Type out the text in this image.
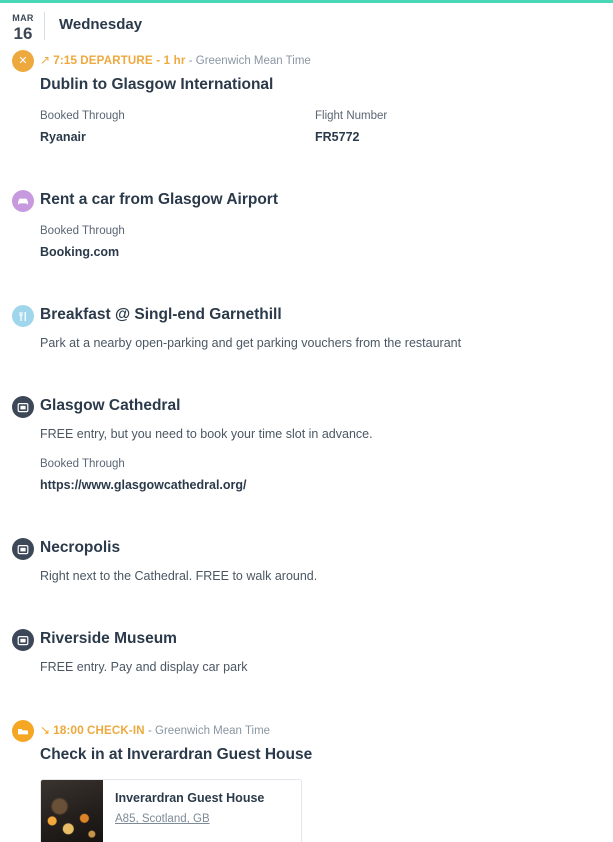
MAR
16	Wednesday
✕ ↗ 7:15 DEPARTURE - 1 hr - Greenwich Mean Time
Dublin to Glasgow International
Booked Through
Ryanair
Flight Number
FR5772
Rent a car from Glasgow Airport
Booked Through
Booking.com
Breakfast @ Singl-end Garnethill
Park at a nearby open-parking and get parking vouchers from the restaurant
Glasgow Cathedral
FREE entry, but you need to book your time slot in advance.
Booked Through
https://www.glasgowcathedral.org/
Necropolis
Right next to the Cathedral. FREE to walk around.
Riverside Museum
FREE entry. Pay and display car park
↘ 18:00 CHECK-IN - Greenwich Mean Time
Check in at Inverardran Guest House
Inverardran Guest House
A85, Scotland, GB
